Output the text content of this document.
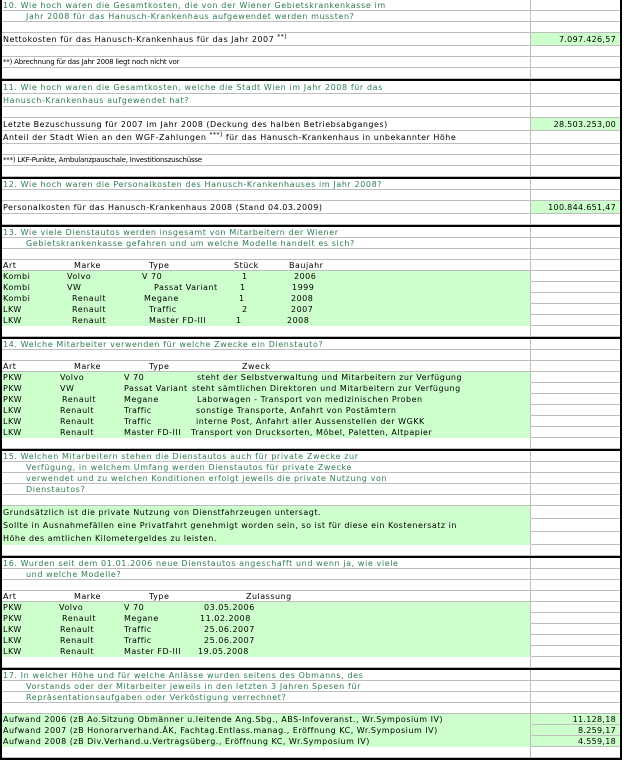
10. Wie hoch waren die Gesamtkosten, die von der Wiener Gebietskrankenkasse im
Jahr 2008 für das Hanusch-Krankenhaus aufgewendet werden mussten?
Nettokosten für das Hanusch-Krankenhaus für das Jahr 2007 **)	7.097.426,57
**) Abrechnung für das Jahr 2008 liegt noch nicht vor
11. Wie hoch waren die Gesamtkosten, welche die Stadt Wien im Jahr 2008 für das
Hanusch-Krankenhaus aufgewendet hat?
Letzte Bezuschussung für 2007 im Jahr 2008 (Deckung des halben Betriebsabganges)	28.503.253,00
Anteil der Stadt Wien an den WGF-Zahlungen ***) für das Hanusch-Krankenhaus in unbekannter Höhe
***) LKF-Punkte, Ambulanzpauschale, Investitionszuschüsse
12. Wie hoch waren die Personalkosten des Hanusch-Krankenhauses im Jahr 2008?
Personalkosten für das Hanusch-Krankenhaus 2008 (Stand 04.03.2009)	100.844.651,47
13. Wie viele Dienstautos werden insgesamt von Mitarbeitern der Wiener
Gebietskrankenkasse gefahren und um welche Modelle handelt es sich?
Art	Marke	Type	Stück	Baujahr
Kombi	Volvo	V 70	1	2006
Kombi	VW	Passat Variant	1	1999
Kombi	Renault	Megane	1	2008
LKW	Renault	Traffic	2	2007
LKW	Renault	Master FD-III	1	2008
14. Welche Mitarbeiter verwenden für welche Zwecke ein Dienstauto?
Art	Marke	Type	Zweck
PKW	Volvo	V 70	steht der Selbstverwaltung und Mitarbeitern zur Verfügung
PKW	VW	Passat Variant steht sämtlichen Direktoren und Mitarbeitern zur Verfügung
PKW	Renault	Megane	Laborwagen - Transport von medizinischen Proben
LKW	Renault	Traffic	sonstige Transporte, Anfahrt von Postämtern
LKW	Renault	Traffic	interne Post, Anfahrt aller Aussenstellen der WGKK
LKW	Renault	Master FD-III Transport von Drucksorten, Möbel, Paletten, Altpapier
15. Welchen Mitarbeitern stehen die Dienstautos auch für private Zwecke zur
Verfügung, in welchem Umfang werden Dienstautos für private Zwecke
verwendet und zu welchen Konditionen erfolgt jeweils die private Nutzung von
Dienstautos?
Grundsätzlich ist die private Nutzung von Dienstfahrzeugen untersagt.
Sollte in Ausnahmefällen eine Privatfahrt genehmigt worden sein, so ist für diese ein Kostenersatz in
Höhe des amtlichen Kilometergeldes zu leisten.
16. Wurden seit dem 01.01.2006 neue Dienstautos angeschafft und wenn ja, wie viele
und welche Modelle?
Art	Marke	Type	Zulassung
PKW	Volvo	V 70	03.05.2006
PKW	Renault	Megane	11.02.2008
LKW	Renault	Traffic	25.06.2007
LKW	Renault	Traffic	25.06.2007
LKW	Renault	Master FD-III 19.05.2008
17. In welcher Höhe und für welche Anlässe wurden seitens des Obmanns, des
Vorstands oder der Mitarbeiter jeweils in den letzten 3 Jahren Spesen für
Repräsentationsaufgaben oder Verköstigung verrechnet?
Aufwand 2006 (zB Ao.Sitzung Obmänner u.leitende Ang.Sbg., ABS-Infoveranst., Wr.Symposium IV)	11.128,18
Aufwand 2007 (zB Honorarverhand.ÄK, Fachtag.Entlass.manag., Eröffnung KC, Wr.Symposium IV)	8.259,17
Aufwand 2008 (zB Div.Verhand.u.Vertragsüberg., Eröffnung KC, Wr.Symposium IV)	4.559,18
